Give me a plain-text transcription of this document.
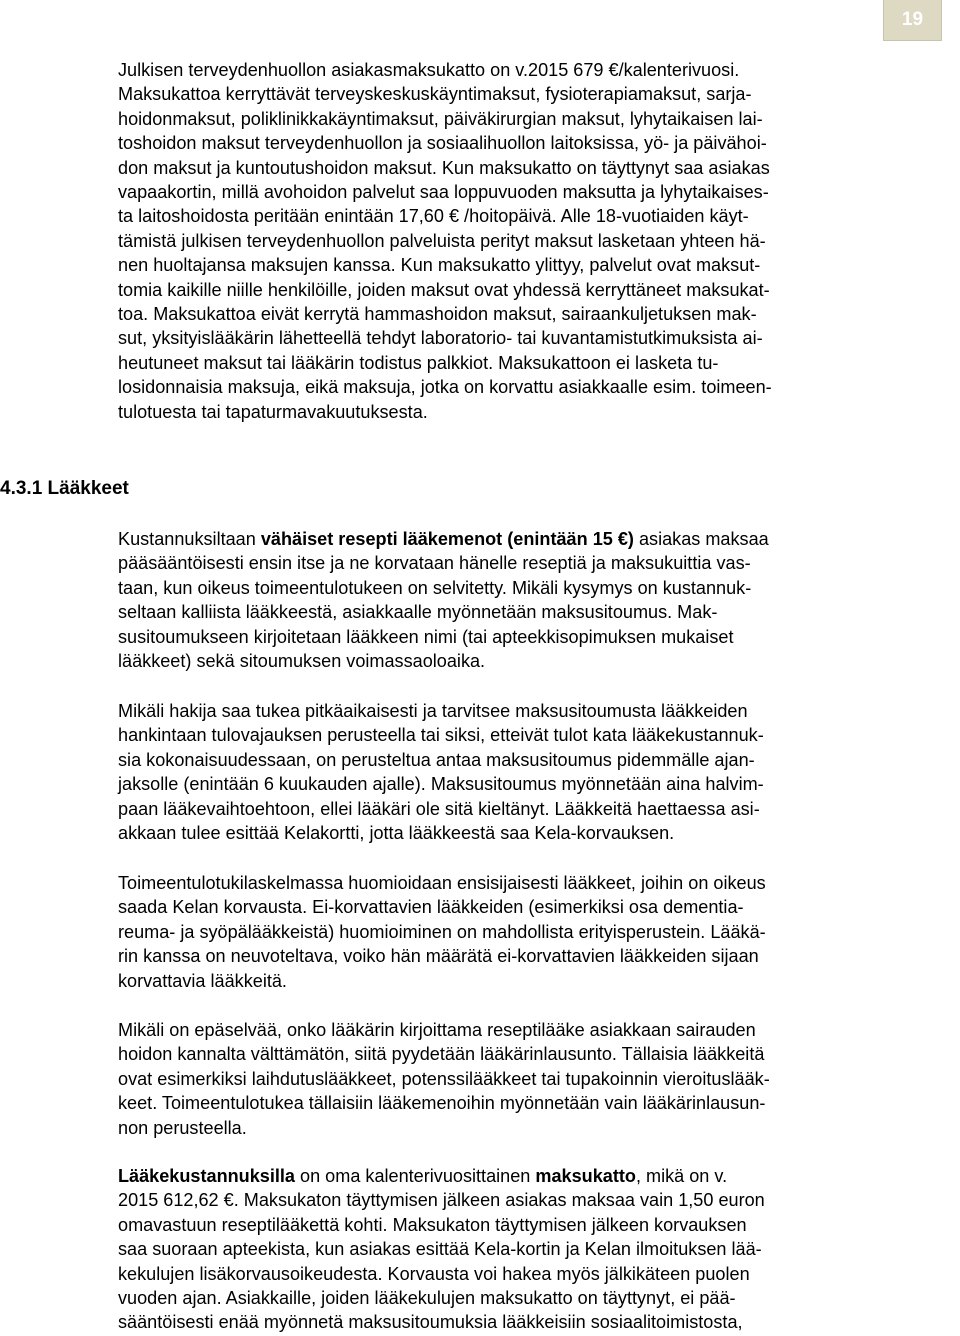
19
Julkisen terveydenhuollon asiakasmaksukatto on v.2015 679 €/kalenterivuosi.
Maksukattoa kerryttävät terveyskeskuskäyntimaksut, fysioterapiamaksut, sarja-
hoidonmaksut, poliklinikkakäyntimaksut, päiväkirurgian maksut, lyhytaikaisen lai-
toshoidon maksut terveydenhuollon ja sosiaalihuollon laitoksissa, yö- ja päivähoi-
don maksut ja kuntoutushoidon maksut. Kun maksukatto on täyttynyt saa asiakas
vapaakortin, millä avohoidon palvelut saa loppuvuoden maksutta ja lyhytaikaises-
ta laitoshoidosta peritään enintään 17,60 € /hoitopäivä. Alle 18-vuotiaiden käyt-
tämistä julkisen terveydenhuollon palveluista perityt maksut lasketaan yhteen hä-
nen huoltajansa maksujen kanssa. Kun maksukatto ylittyy, palvelut ovat maksut-
tomia kaikille niille henkilöille, joiden maksut ovat yhdessä kerryttäneet maksukat-
toa. Maksukattoa eivät kerrytä hammashoidon maksut, sairaankuljetuksen mak-
sut, yksityislääkärin lähetteellä tehdyt laboratorio- tai kuvantamistutkimuksista ai-
heutuneet maksut tai lääkärin todistus palkkiot. Maksukattoon ei lasketa tu-
losidonnaisia maksuja, eikä maksuja, jotka on korvattu asiakkaalle esim. toimeen-
tulotuesta tai tapaturmavakuutuksesta.
4.3.1 Lääkkeet
Kustannuksiltaan vähäiset resepti lääkemenot (enintään 15 €) asiakas maksaa
pääsääntöisesti ensin itse ja ne korvataan hänelle reseptiä ja maksukuittia vas-
taan, kun oikeus toimeentulotukeen on selvitetty. Mikäli kysymys on kustannuk-
seltaan kalliista lääkkeestä, asiakkaalle myönnetään maksusitoumus. Mak-
susitoumukseen kirjoitetaan lääkkeen nimi (tai apteekkisopimuksen mukaiset
lääkkeet) sekä sitoumuksen voimassaoloaika.
Mikäli hakija saa tukea pitkäaikaisesti ja tarvitsee maksusitoumusta lääkkeiden
hankintaan tulovajauksen perusteella tai siksi, etteivät tulot kata lääkekustannuk-
sia kokonaisuudessaan, on perusteltua antaa maksusitoumus pidemmälle ajan-
jaksolle (enintään 6 kuukauden ajalle). Maksusitoumus myönnetään aina halvim-
paan lääkevaihtoehtoon, ellei lääkäri ole sitä kieltänyt. Lääkkeitä haettaessa asi-
akkaan tulee esittää Kelakortti, jotta lääkkeestä saa Kela-korvauksen.
Toimeentulotukilaskelmassa huomioidaan ensisijaisesti lääkkeet, joihin on oikeus
saada Kelan korvausta. Ei-korvattavien lääkkeiden (esimerkiksi osa dementia-
reuma- ja syöpälääkkeistä) huomioiminen on mahdollista erityisperustein. Lääkä-
rin kanssa on neuvoteltava, voiko hän määrätä ei-korvattavien lääkkeiden sijaan
korvattavia lääkkeitä.
Mikäli on epäselvää, onko lääkärin kirjoittama reseptilääke asiakkaan sairauden
hoidon kannalta välttämätön, siitä pyydetään lääkärinlausunto. Tällaisia lääkkeitä
ovat esimerkiksi laihdutuslääkkeet, potenssilääkkeet tai tupakoinnin vieroituslääk-
keet. Toimeentulotukea tällaisiin lääkemenoihin myönnetään vain lääkärinlausun-
non perusteella.
Lääkekustannuksilla on oma kalenterivuosittainen maksukatto, mikä on v.
2015 612,62 €. Maksukaton täyttymisen jälkeen asiakas maksaa vain 1,50 euron
omavastuun reseptilääkettä kohti. Maksukaton täyttymisen jälkeen korvauksen
saa suoraan apteekista, kun asiakas esittää Kela-kortin ja Kelan ilmoituksen lää-
kekulujen lisäkorvausoikeudesta. Korvausta voi hakea myös jälkikäteen puolen
vuoden ajan. Asiakkaille, joiden lääkekulujen maksukatto on täyttynyt, ei pää-
sääntöisesti enää myönnetä maksusitoumuksia lääkkeisiin sosiaalitoimistosta,
